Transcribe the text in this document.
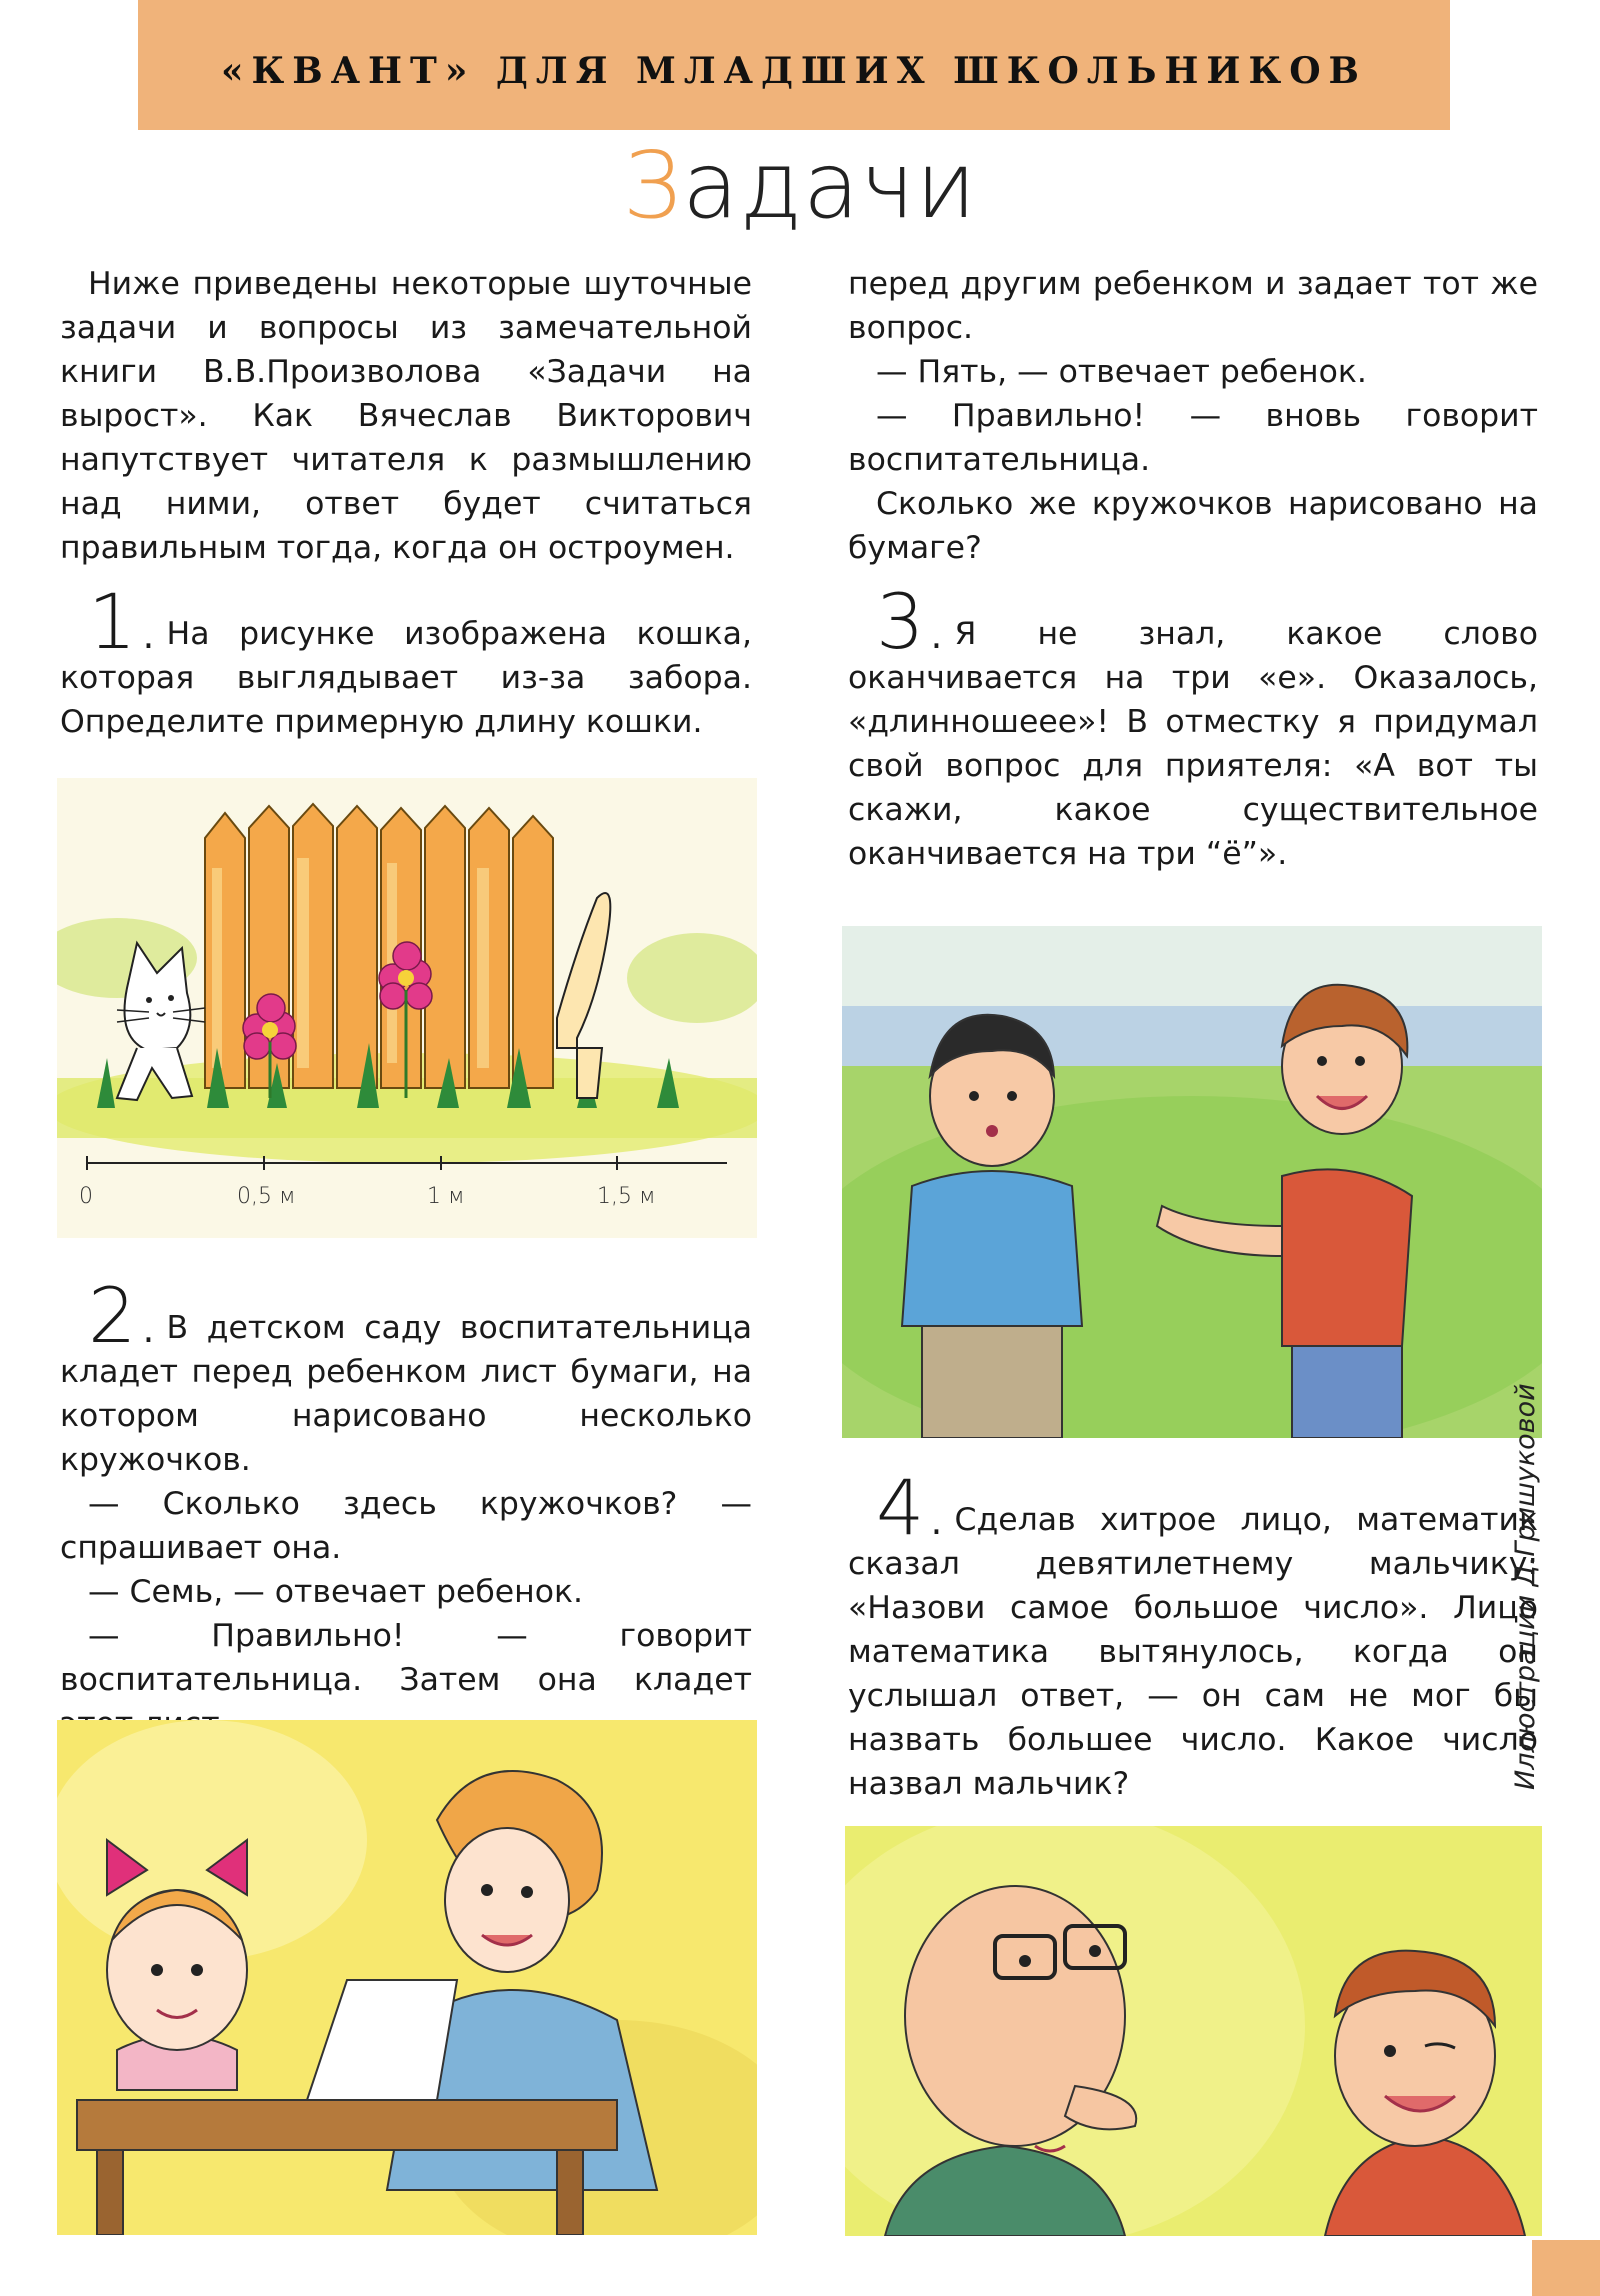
«КВАНТ» ДЛЯ МЛАДШИХ ШКОЛЬНИКОВ
Задачи

Ниже приведены некоторые шуточные задачи и вопросы из замечательной книги В.В.Произволова «Задачи на вырост». Как Вячеслав Викторович напутствует читателя к размышлению над ними, ответ будет считаться правильным тогда, когда он остроумен.

1. На рисунке изображена кошка, которая выглядывает из-за забора. Определите примерную длину кошки.

0	0,5 м	1 м	1,5 м

2. В детском саду воспитательница кладет перед ребенком лист бумаги, на котором нарисовано несколько кружочков.

— Сколько здесь кружочков? — спрашивает она.

— Семь, — отвечает ребенок.

— Правильно! — говорит воспитательница. Затем она кладет

перед другим ребенком и задает тот же вопрос.

— Пять, — отвечает ребенок.

— Правильно! — вновь говорит воспитательница.

Сколько же кружочков нарисовано на бумаге?

3. Я не знал, какое слово оканчивается на три «е». Оказалось, «длинношеее»! В отместку я придумал свой вопрос для приятеля: «А вот ты скажи, какое существительное оканчивается на три “ё”».

4. Сделав хитрое лицо, математик сказал девятилетнему мальчику: «Назови самое большое число». Лицо математика вытянулось, когда он услышал ответ, — он сам не мог бы назвать большее число. Какое число назвал мальчик?	Иллюстрации Д.Гришуковой
